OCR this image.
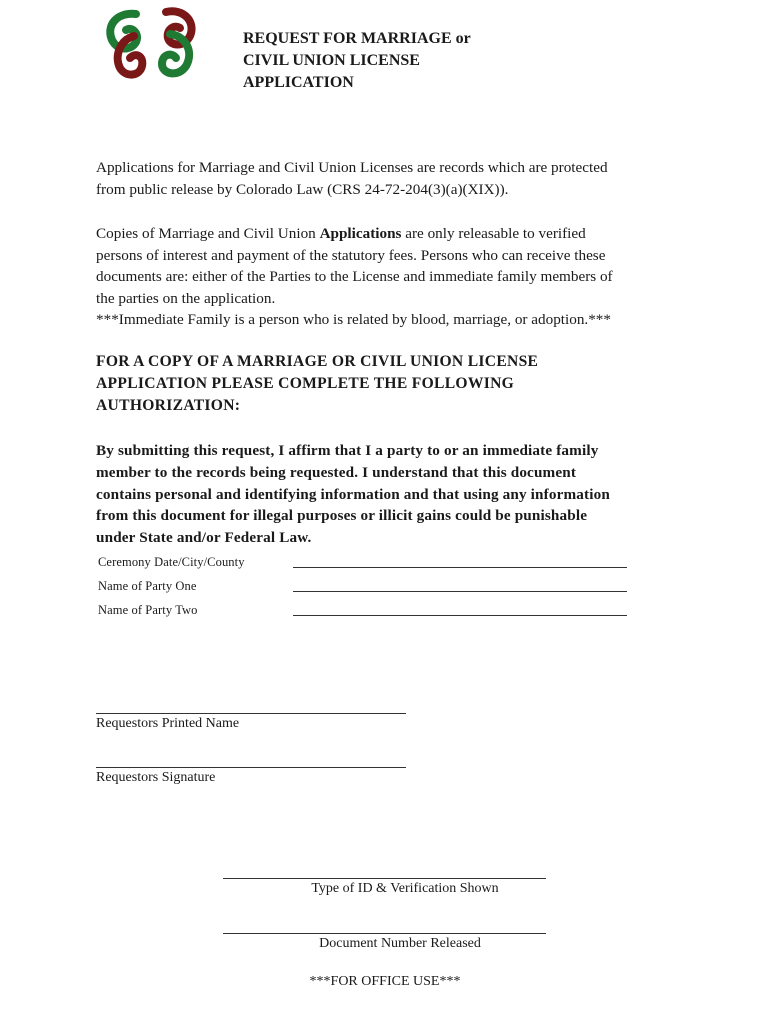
REQUEST FOR MARRIAGE or
CIVIL UNION LICENSE
APPLICATION
Applications for Marriage and Civil Union Licenses are records which are protected
from public release by Colorado Law (CRS 24-72-204(3)(a)(XIX)).
Copies of Marriage and Civil Union Applications are only releasable to verified
persons of interest and payment of the statutory fees. Persons who can receive these
documents are: either of the Parties to the License and immediate family members of
the parties on the application.
***Immediate Family is a person who is related by blood, marriage, or adoption.***
FOR A COPY OF A MARRIAGE OR CIVIL UNION LICENSE
APPLICATION PLEASE COMPLETE THE FOLLOWING
AUTHORIZATION:
By submitting this request, I affirm that I a party to or an immediate family
member to the records being requested. I understand that this document
contains personal and identifying information and that using any information
from this document for illegal purposes or illicit gains could be punishable
under State and/or Federal Law.
Ceremony Date/City/County
Name of Party One
Name of Party Two
Requestors Printed Name
Requestors Signature
Type of ID & Verification Shown
Document Number Released
***FOR OFFICE USE***
